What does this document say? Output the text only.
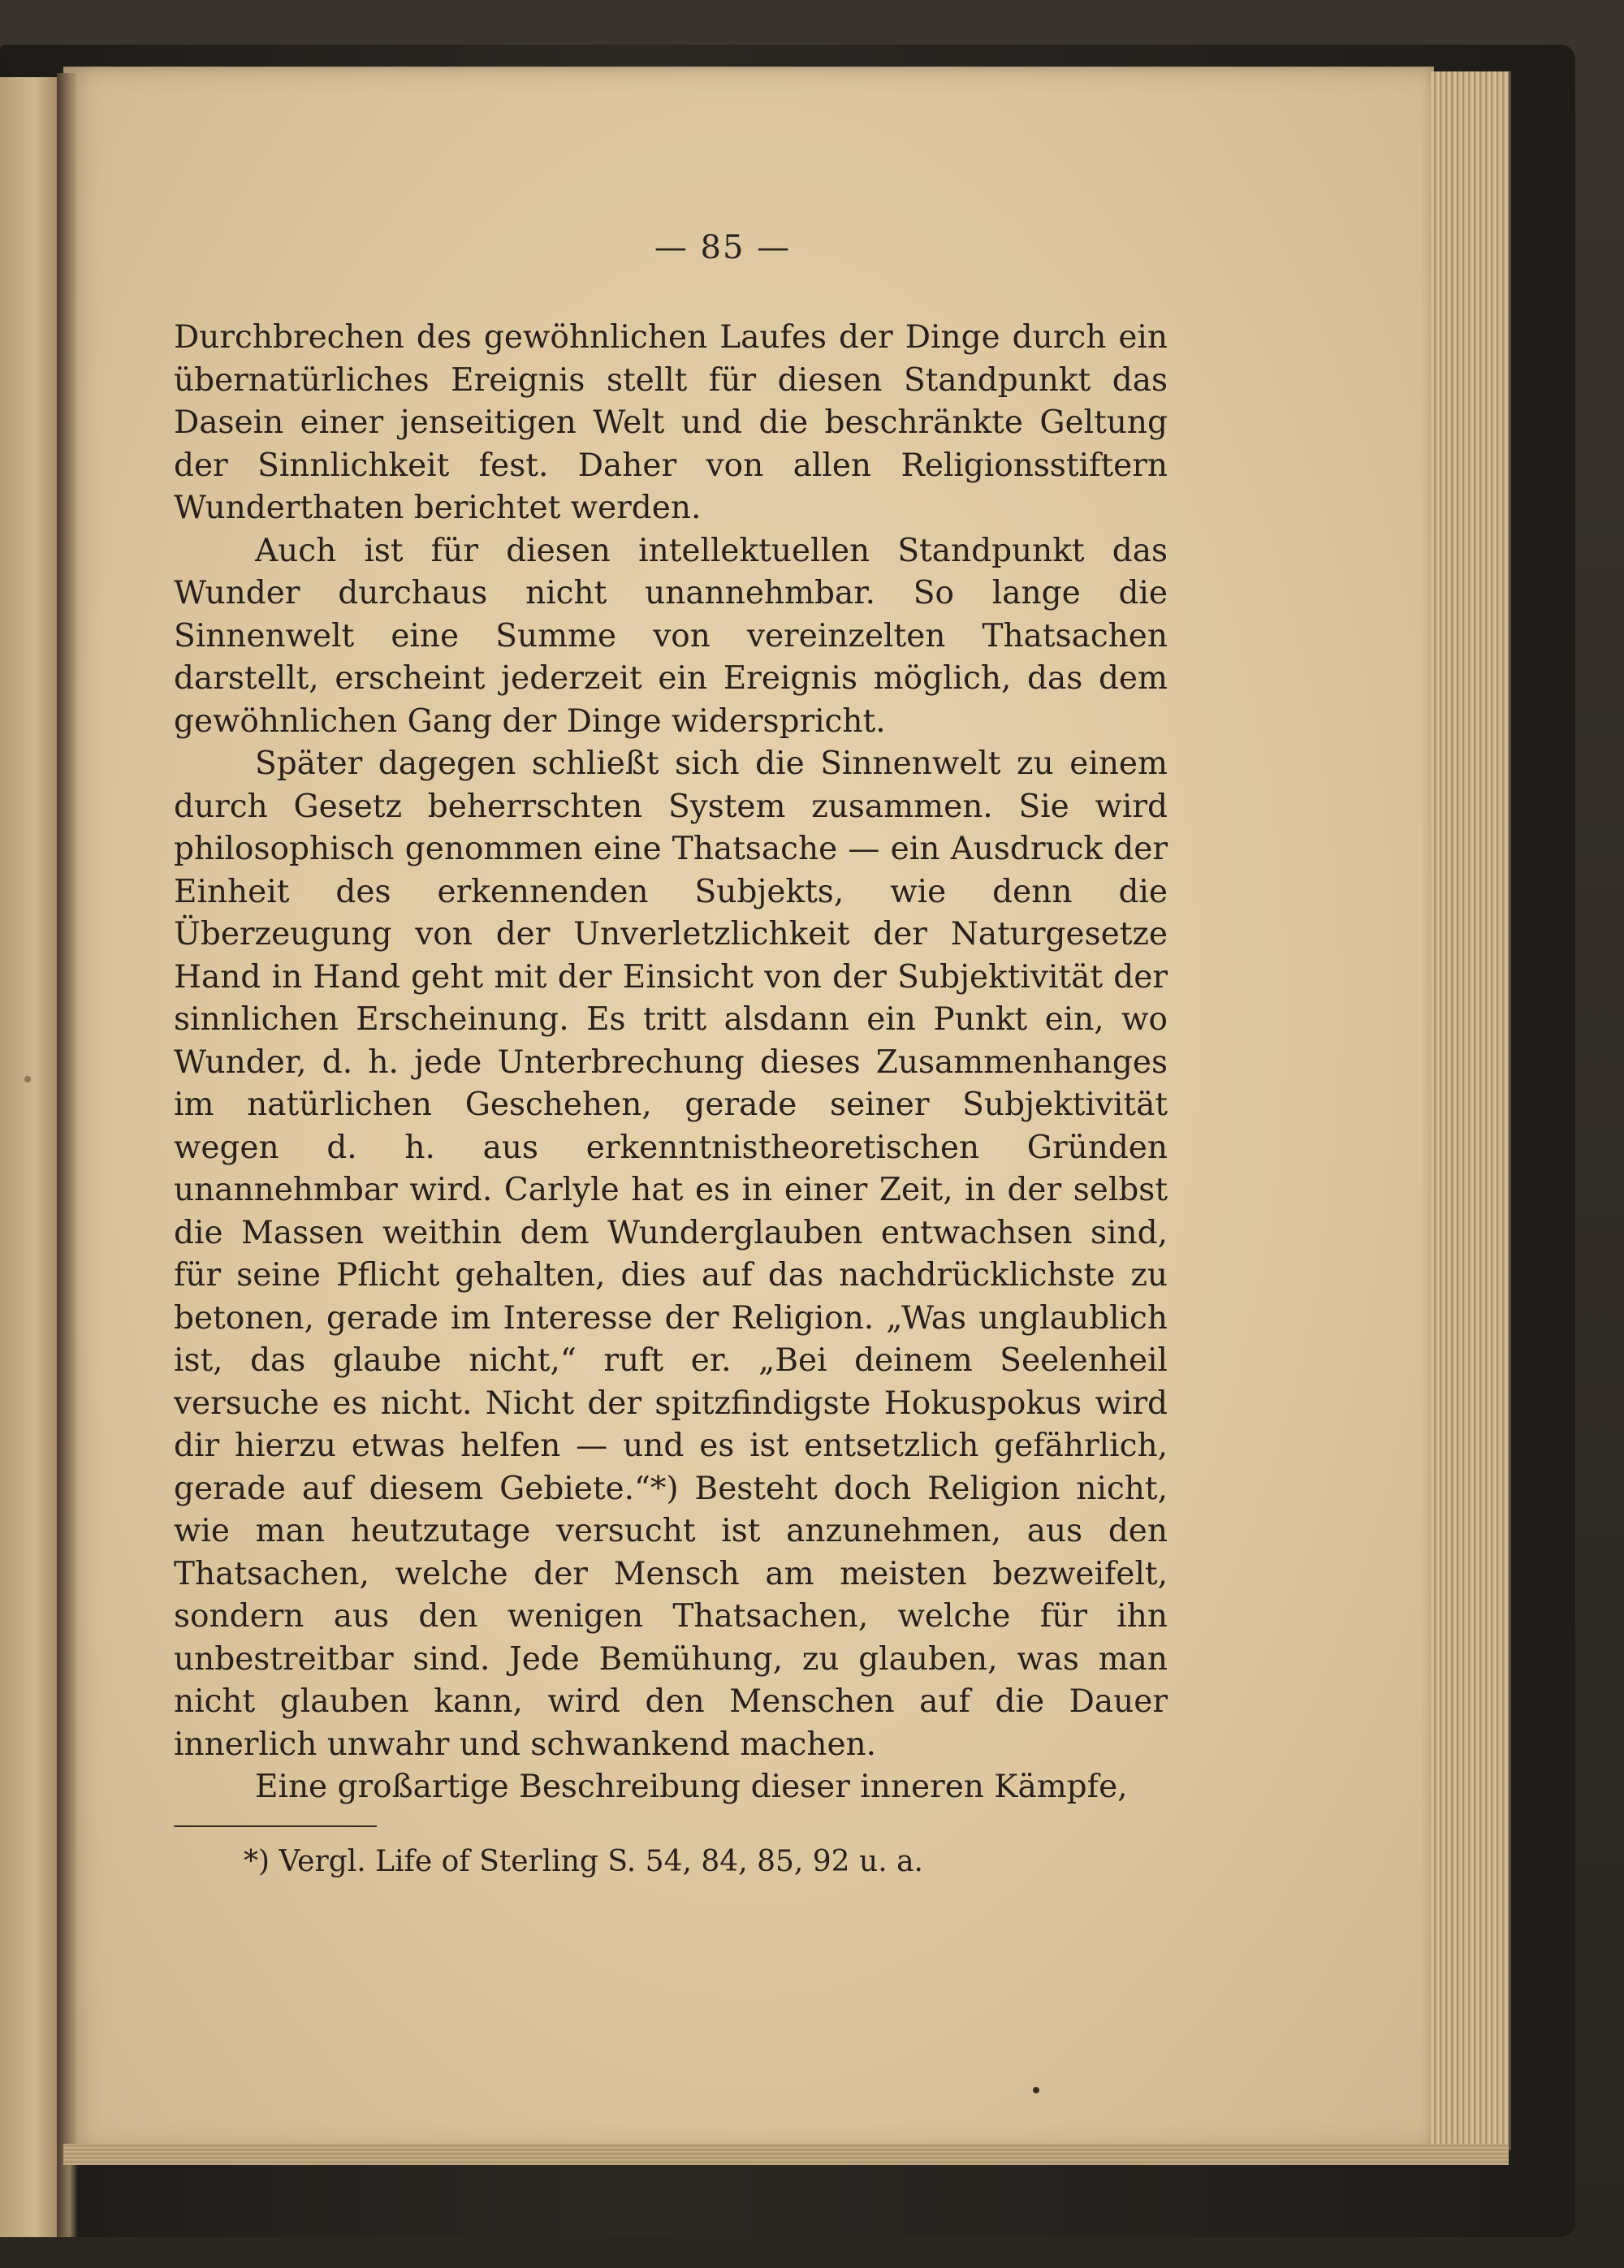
— 85 —

Durchbrechen des gewöhnlichen Laufes der Dinge durch ein übernatürliches Ereignis stellt für diesen Standpunkt das Dasein einer jenseitigen Welt und die beschränkte Geltung der Sinnlichkeit fest. Daher von allen Religionsstiftern Wunderthaten berichtet werden.

Auch ist für diesen intellektuellen Standpunkt das Wunder durchaus nicht unannehmbar. So lange die Sinnenwelt eine Summe von vereinzelten Thatsachen darstellt, erscheint jederzeit ein Ereignis möglich, das dem gewöhnlichen Gang der Dinge widerspricht.

Später dagegen schließt sich die Sinnenwelt zu einem durch Gesetz beherrschten System zusammen. Sie wird philosophisch genommen eine Thatsache — ein Ausdruck der Einheit des erkennenden Subjekts, wie denn die Überzeugung von der Unverletzlichkeit der Naturgesetze Hand in Hand geht mit der Einsicht von der Subjektivität der sinnlichen Erscheinung. Es tritt alsdann ein Punkt ein, wo Wunder, d. h. jede Unterbrechung dieses Zusammenhanges im natürlichen Geschehen, gerade seiner Subjektivität wegen d. h. aus erkenntnistheoretischen Gründen unannehmbar wird. Carlyle hat es in einer Zeit, in der selbst die Massen weithin dem Wunderglauben entwachsen sind, für seine Pflicht gehalten, dies auf das nachdrücklichste zu betonen, gerade im Interesse der Religion. „Was unglaublich ist, das glaube nicht,“ ruft er. „Bei deinem Seelenheil versuche es nicht. Nicht der spitzfindigste Hokuspokus wird dir hierzu etwas helfen — und es ist entsetzlich gefährlich, gerade auf diesem Gebiete.“*) Besteht doch Religion nicht, wie man heutzutage versucht ist anzunehmen, aus den Thatsachen, welche der Mensch am meisten bezweifelt, sondern aus den wenigen Thatsachen, welche für ihn unbestreitbar sind. Jede Bemühung, zu glauben, was man nicht glauben kann, wird den Menschen auf die Dauer innerlich unwahr und schwankend machen.

Eine großartige Beschreibung dieser inneren Kämpfe,

*) Vergl. Life of Sterling S. 54, 84, 85, 92 u. a.
